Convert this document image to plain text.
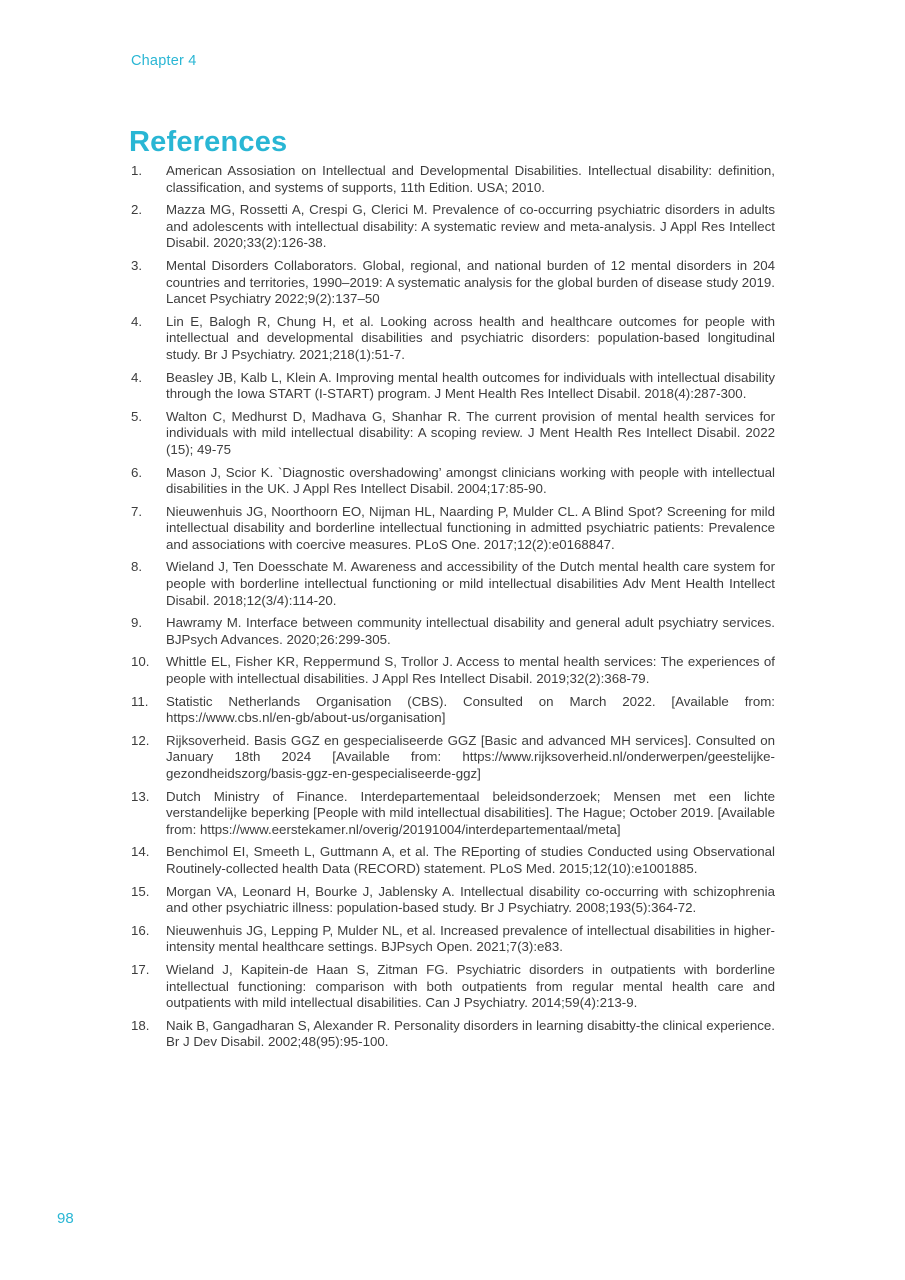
Chapter 4
References
1. American Assosiation on Intellectual and Developmental Disabilities. Intellectual disability: definition, classification, and systems of supports, 11th Edition. USA; 2010.
2. Mazza MG, Rossetti A, Crespi G, Clerici M. Prevalence of co-occurring psychiatric disorders in adults and adolescents with intellectual disability: A systematic review and meta-analysis. J Appl Res Intellect Disabil. 2020;33(2):126-38.
3. Mental Disorders Collaborators. Global, regional, and national burden of 12 mental disorders in 204 countries and territories, 1990–2019: A systematic analysis for the global burden of disease study 2019. Lancet Psychiatry 2022;9(2):137–50
4. Lin E, Balogh R, Chung H, et al. Looking across health and healthcare outcomes for people with intellectual and developmental disabilities and psychiatric disorders: population-based longitudinal study. Br J Psychiatry. 2021;218(1):51-7.
4. Beasley JB, Kalb L, Klein A. Improving mental health outcomes for individuals with intellectual disability through the Iowa START (I-START) program. J Ment Health Res Intellect Disabil. 2018(4):287-300.
5. Walton C, Medhurst D, Madhava G, Shanhar R. The current provision of mental health services for individuals with mild intellectual disability: A scoping review. J Ment Health Res Intellect Disabil. 2022 (15); 49-75
6. Mason J, Scior K. `Diagnostic overshadowing’ amongst clinicians working with people with intellectual disabilities in the UK. J Appl Res Intellect Disabil. 2004;17:85-90.
7. Nieuwenhuis JG, Noorthoorn EO, Nijman HL, Naarding P, Mulder CL. A Blind Spot? Screening for mild intellectual disability and borderline intellectual functioning in admitted psychiatric patients: Prevalence and associations with coercive measures. PLoS One. 2017;12(2):e0168847.
8. Wieland J, Ten Doesschate M. Awareness and accessibility of the Dutch mental health care system for people with borderline intellectual functioning or mild intellectual disabilities Adv Ment Health Intellect Disabil. 2018;12(3/4):114-20.
9. Hawramy M. Interface between community intellectual disability and general adult psychiatry services. BJPsych Advances. 2020;26:299-305.
10. Whittle EL, Fisher KR, Reppermund S, Trollor J. Access to mental health services: The experiences of people with intellectual disabilities. J Appl Res Intellect Disabil. 2019;32(2):368-79.
11. Statistic Netherlands Organisation (CBS). Consulted on March 2022. [Available from: https://www.cbs.nl/en-gb/about-us/organisation]
12. Rijksoverheid. Basis GGZ en gespecialiseerde GGZ [Basic and advanced MH services]. Consulted on January 18th 2024 [Available from: https://www.rijksoverheid.nl/onderwerpen/geestelijke-gezondheidszorg/basis-ggz-en-gespecialiseerde-ggz]
13. Dutch Ministry of Finance. Interdepartementaal beleidsonderzoek; Mensen met een lichte verstandelijke beperking [People with mild intellectual disabilities]. The Hague; October 2019. [Available from: https://www.eerstekamer.nl/overig/20191004/interdepartementaal/meta]
14. Benchimol EI, Smeeth L, Guttmann A, et al. The REporting of studies Conducted using Observational Routinely-collected health Data (RECORD) statement. PLoS Med. 2015;12(10):e1001885.
15. Morgan VA, Leonard H, Bourke J, Jablensky A. Intellectual disability co-occurring with schizophrenia and other psychiatric illness: population-based study. Br J Psychiatry. 2008;193(5):364-72.
16. Nieuwenhuis JG, Lepping P, Mulder NL, et al. Increased prevalence of intellectual disabilities in higher-intensity mental healthcare settings. BJPsych Open. 2021;7(3):e83.
17. Wieland J, Kapitein-de Haan S, Zitman FG. Psychiatric disorders in outpatients with borderline intellectual functioning: comparison with both outpatients from regular mental health care and outpatients with mild intellectual disabilities. Can J Psychiatry. 2014;59(4):213-9.
18. Naik B, Gangadharan S, Alexander R. Personality disorders in learning disabitty-the clinical experience. Br J Dev Disabil. 2002;48(95):95-100.
98
